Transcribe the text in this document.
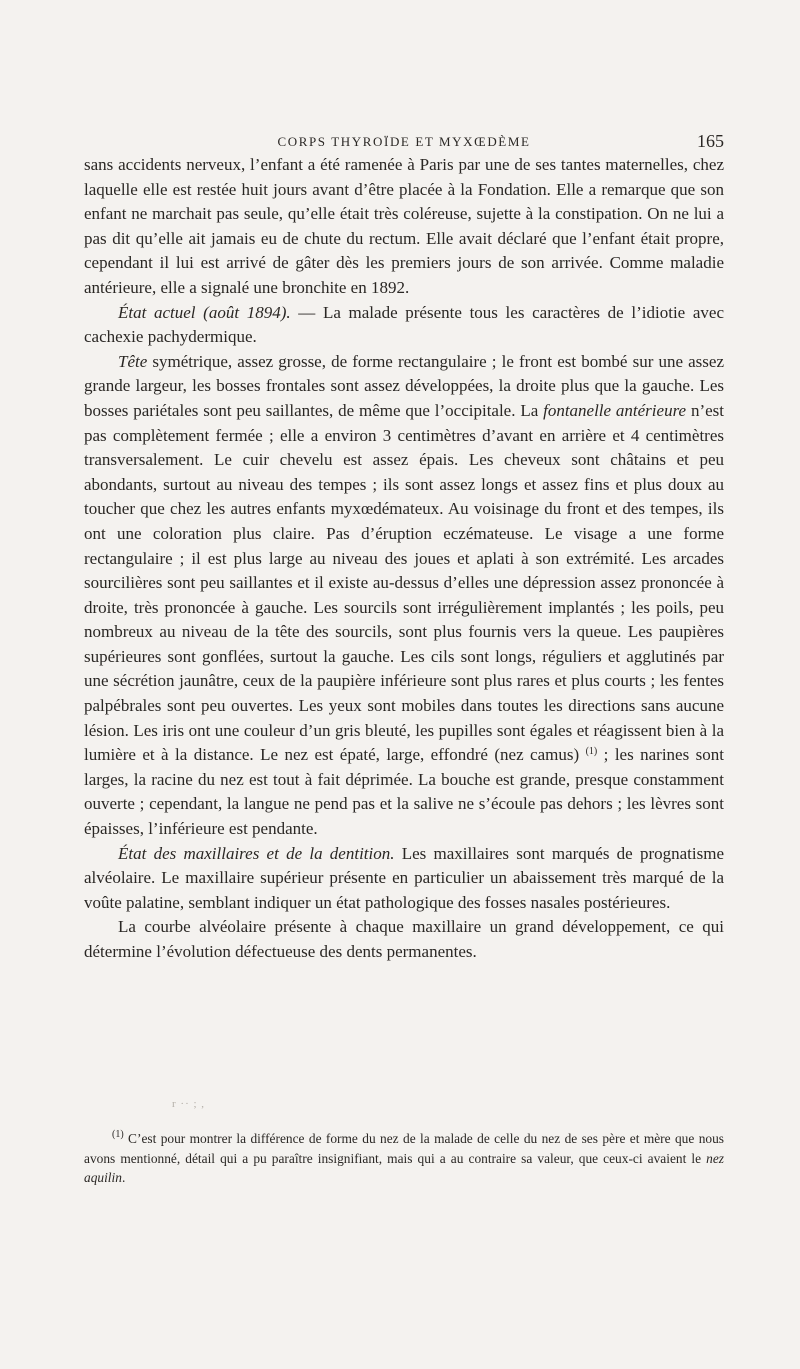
CORPS THYROÏDE ET MYXŒDÈME	165

sans accidents nerveux, l’enfant a été ramenée à Paris par une de ses tantes maternelles, chez laquelle elle est restée huit jours avant d’être placée à la Fondation. Elle a remarque que son enfant ne marchait pas seule, qu’elle était très coléreuse, sujette à la constipation. On ne lui a pas dit qu’elle ait jamais eu de chute du rectum. Elle avait déclaré que l’enfant était propre, cependant il lui est arrivé de gâter dès les premiers jours de son arrivée. Comme maladie antérieure, elle a signalé une bronchite en 1892.

État actuel (août 1894). — La malade présente tous les caractères de l’idiotie avec cachexie pachydermique.

Tête symétrique, assez grosse, de forme rectangulaire ; le front est bombé sur une assez grande largeur, les bosses frontales sont assez développées, la droite plus que la gauche. Les bosses pariétales sont peu saillantes, de même que l’occipitale. La fontanelle antérieure n’est pas complètement fermée ; elle a environ 3 centimètres d’avant en arrière et 4 centimètres transversalement. Le cuir chevelu est assez épais. Les cheveux sont châtains et peu abondants, surtout au niveau des tempes ; ils sont assez longs et assez fins et plus doux au toucher que chez les autres enfants myxœdémateux. Au voisinage du front et des tempes, ils ont une coloration plus claire. Pas d’éruption eczémateuse. Le visage a une forme rectangulaire ; il est plus large au niveau des joues et aplati à son extrémité. Les arcades sourcilières sont peu saillantes et il existe au-dessus d’elles une dépression assez prononcée à droite, très prononcée à gauche. Les sourcils sont irrégulièrement implantés ; les poils, peu nombreux au niveau de la tête des sourcils, sont plus fournis vers la queue. Les paupières supérieures sont gonflées, surtout la gauche. Les cils sont longs, réguliers et agglutinés par une sécrétion jaunâtre, ceux de la paupière inférieure sont plus rares et plus courts ; les fentes palpébrales sont peu ouvertes. Les yeux sont mobiles dans toutes les directions sans aucune lésion. Les iris ont une couleur d’un gris bleuté, les pupilles sont égales et réagissent bien à la lumière et à la distance. Le nez est épaté, large, effondré (nez camus) $^{(1)}$ ; les narines sont larges, la racine du nez est tout à fait déprimée. La bouche est grande, presque constamment ouverte ; cependant, la langue ne pend pas et la salive ne s’écoule pas dehors ; les lèvres sont épaisses, l’inférieure est pendante.

État des maxillaires et de la dentition. Les maxillaires sont marqués de prognatisme alvéolaire. Le maxillaire supérieur présente en particulier un abaissement très marqué de la voûte palatine, semblant indiquer un état pathologique des fosses nasales postérieures.

La courbe alvéolaire présente à chaque maxillaire un grand développement, ce qui détermine l’évolution défectueuse des dents permanentes.

r ·· ; ,

$^{(1)}$ C’est pour montrer la différence de forme du nez de la malade de celle du nez de ses père et mère que nous avons mentionné, détail qui a pu paraître insignifiant, mais qui a au contraire sa valeur, que ceux-ci avaient le nez aquilin.
